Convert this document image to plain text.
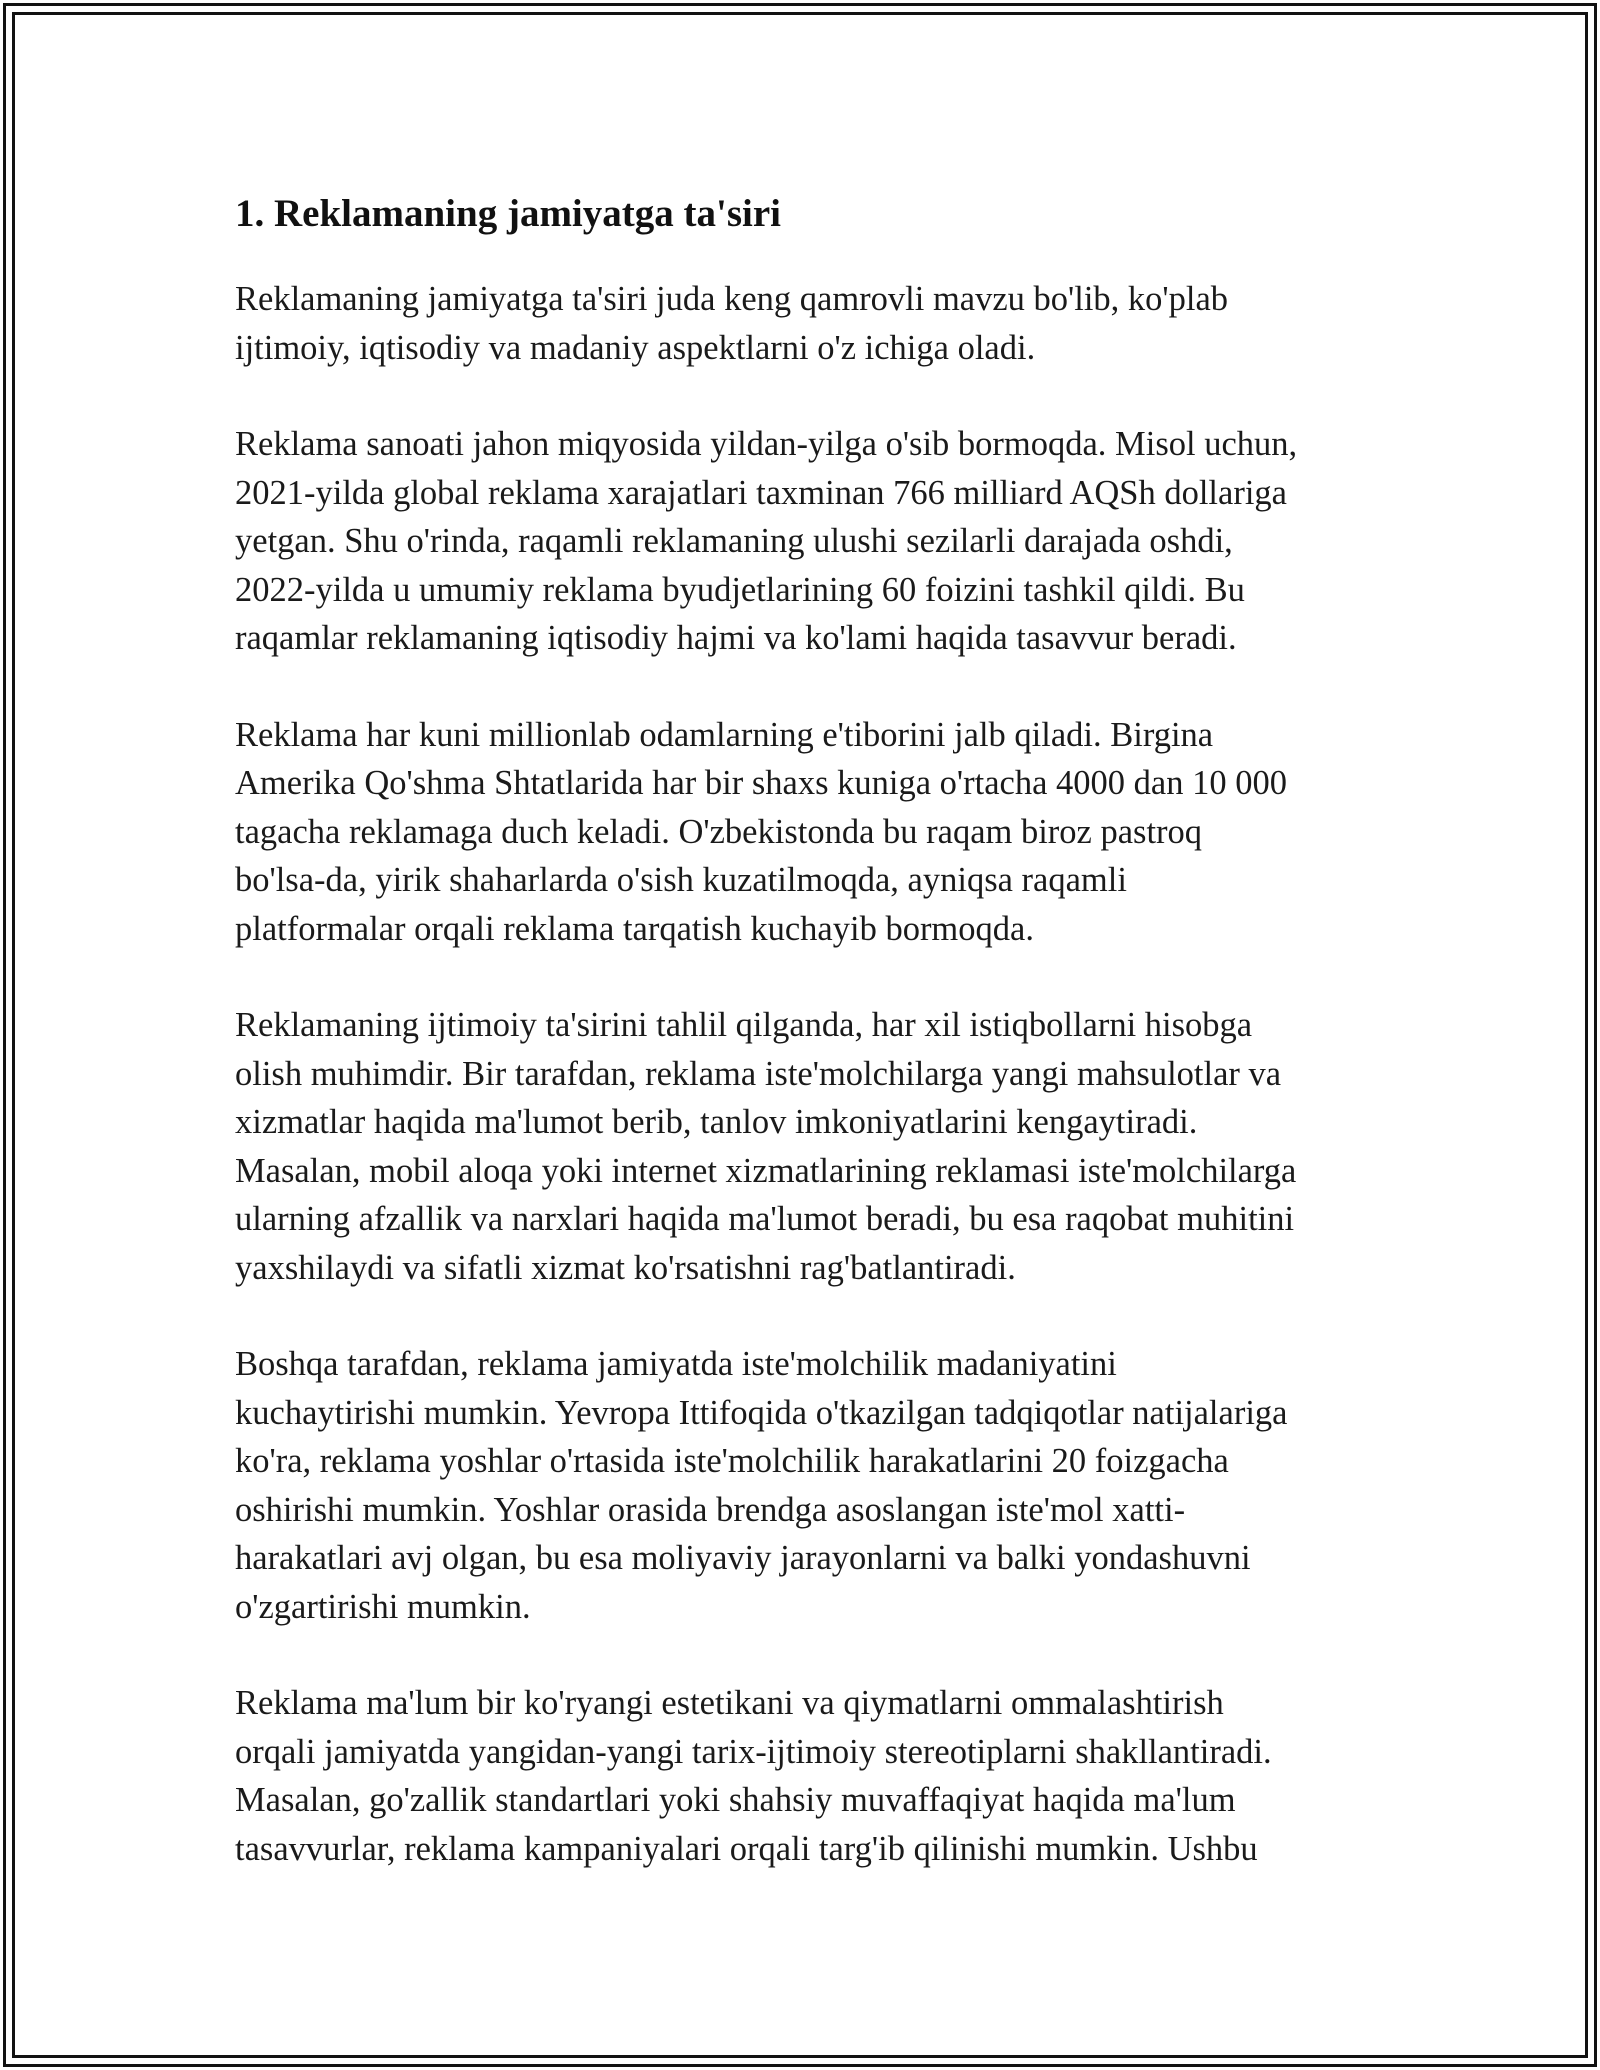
1. Reklamaning jamiyatga ta'siri

Reklamaning jamiyatga ta'siri juda keng qamrovli mavzu bo'lib, ko'plab
ijtimoiy, iqtisodiy va madaniy aspektlarni o'z ichiga oladi.

Reklama sanoati jahon miqyosida yildan-yilga o'sib bormoqda. Misol uchun,
2021-yilda global reklama xarajatlari taxminan 766 milliard AQSh dollariga
yetgan. Shu o'rinda, raqamli reklamaning ulushi sezilarli darajada oshdi,
2022-yilda u umumiy reklama byudjetlarining 60 foizini tashkil qildi. Bu
raqamlar reklamaning iqtisodiy hajmi va ko'lami haqida tasavvur beradi.

Reklama har kuni millionlab odamlarning e'tiborini jalb qiladi. Birgina
Amerika Qo'shma Shtatlarida har bir shaxs kuniga o'rtacha 4000 dan 10 000
tagacha reklamaga duch keladi. O'zbekistonda bu raqam biroz pastroq
bo'lsa-da, yirik shaharlarda o'sish kuzatilmoqda, ayniqsa raqamli
platformalar orqali reklama tarqatish kuchayib bormoqda.

Reklamaning ijtimoiy ta'sirini tahlil qilganda, har xil istiqbollarni hisobga
olish muhimdir. Bir tarafdan, reklama iste'molchilarga yangi mahsulotlar va
xizmatlar haqida ma'lumot berib, tanlov imkoniyatlarini kengaytiradi.
Masalan, mobil aloqa yoki internet xizmatlarining reklamasi iste'molchilarga
ularning afzallik va narxlari haqida ma'lumot beradi, bu esa raqobat muhitini
yaxshilaydi va sifatli xizmat ko'rsatishni rag'batlantiradi.

Boshqa tarafdan, reklama jamiyatda iste'molchilik madaniyatini
kuchaytirishi mumkin. Yevropa Ittifoqida o'tkazilgan tadqiqotlar natijalariga
ko'ra, reklama yoshlar o'rtasida iste'molchilik harakatlarini 20 foizgacha
oshirishi mumkin. Yoshlar orasida brendga asoslangan iste'mol xatti-
harakatlari avj olgan, bu esa moliyaviy jarayonlarni va balki yondashuvni
o'zgartirishi mumkin.

Reklama ma'lum bir ko'ryangi estetikani va qiymatlarni ommalashtirish
orqali jamiyatda yangidan-yangi tarix-ijtimoiy stereotiplarni shakllantiradi.
Masalan, go'zallik standartlari yoki shahsiy muvaffaqiyat haqida ma'lum
tasavvurlar, reklama kampaniyalari orqali targ'ib qilinishi mumkin. Ushbu
